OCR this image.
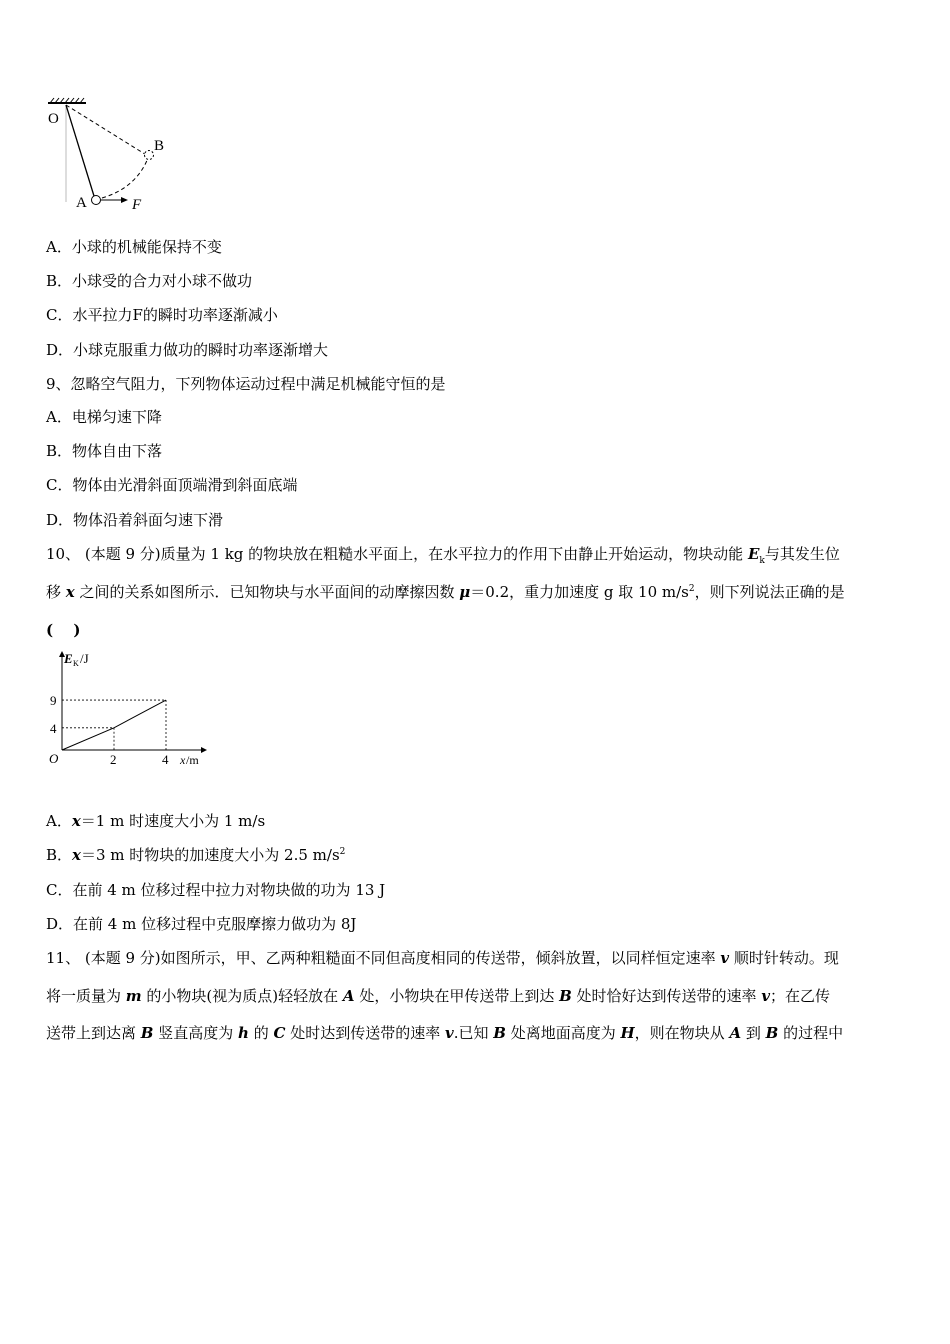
O
B
A	F
A．小球的机械能保持不变
B．小球受的合力对小球不做功
C．水平拉力F的瞬时功率逐渐减小
D．小球克服重力做功的瞬时功率逐渐增大
9、忽略空气阻力，下列物体运动过程中满足机械能守恒的是
A．电梯匀速下降
B．物体自由下落
C．物体由光滑斜面顶端滑到斜面底端
D．物体沿着斜面匀速下滑
10、 (本题 9 分)质量为 1 kg 的物块放在粗糙水平面上，在水平拉力的作用下由静止开始运动，物块动能 $E_k$与其发生位
移 x 之间的关系如图所示．已知物块与水平面间的动摩擦因数 μ＝0.2，重力加速度 g 取 10 $m/s^2$，则下列说法正确的是
(　 )
2	4
4
9
E K /J
O	x /m
A．x＝1 m 时速度大小为 1 m/s
B．x＝3 m 时物块的加速度大小为 2.5 $m/s^2$
C．在前 4 m 位移过程中拉力对物块做的功为 13 J
D．在前 4 m 位移过程中克服摩擦力做功为 8J
11、 (本题 9 分)如图所示，甲、乙两种粗糙面不同但高度相同的传送带，倾斜放置，以同样恒定速率 v 顺时针转动。现
将一质量为 m 的小物块(视为质点)轻轻放在 A 处，小物块在甲传送带上到达 B 处时恰好达到传送带的速率 v；在乙传
送带上到达离 B 竖直高度为 h 的 C 处时达到传送带的速率 v.已知 B 处离地面高度为 H，则在物块从 A 到 B 的过程中
